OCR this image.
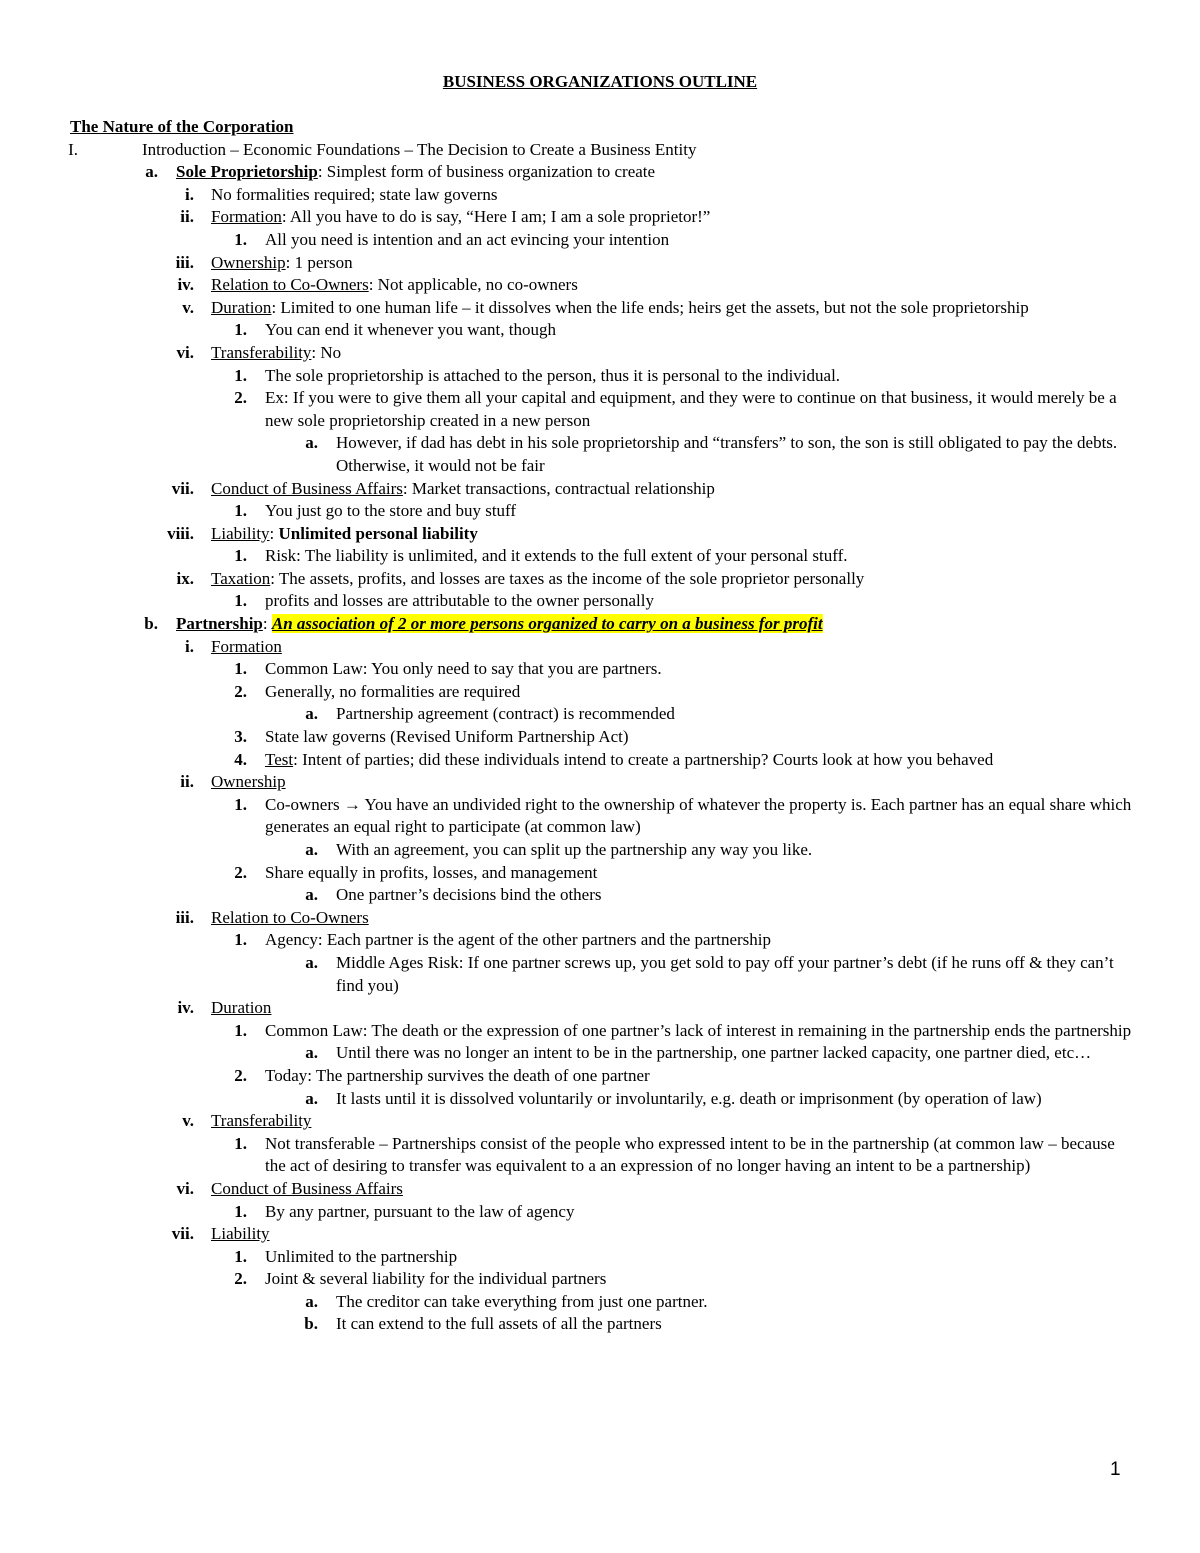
BUSINESS ORGANIZATIONS OUTLINE
The Nature of the Corporation
I.	Introduction – Economic Foundations – The Decision to Create a Business Entity
a. Sole Proprietorship: Simplest form of business organization to create
i. No formalities required; state law governs
ii. Formation: All you have to do is say, “Here I am; I am a sole proprietor!”
1. All you need is intention and an act evincing your intention
iii. Ownership: 1 person
iv. Relation to Co-Owners: Not applicable, no co-owners
v. Duration: Limited to one human life – it dissolves when the life ends; heirs get the assets, but not the sole proprietorship
1. You can end it whenever you want, though
vi. Transferability: No
1. The sole proprietorship is attached to the person, thus it is personal to the individual.
2. Ex: If you were to give them all your capital and equipment, and they were to continue on that business, it would merely be a new sole proprietorship created in a new person
a. However, if dad has debt in his sole proprietorship and “transfers” to son, the son is still obligated to pay the debts. Otherwise, it would not be fair
vii. Conduct of Business Affairs: Market transactions, contractual relationship
1. You just go to the store and buy stuff
viii. Liability: Unlimited personal liability
1. Risk: The liability is unlimited, and it extends to the full extent of your personal stuff.
ix. Taxation: The assets, profits, and losses are taxes as the income of the sole proprietor personally
1. profits and losses are attributable to the owner personally
b. Partnership: An association of 2 or more persons organized to carry on a business for profit
i. Formation
1. Common Law: You only need to say that you are partners.
2. Generally, no formalities are required
a. Partnership agreement (contract) is recommended
3. State law governs (Revised Uniform Partnership Act)
4. Test: Intent of parties; did these individuals intend to create a partnership? Courts look at how you behaved
ii. Ownership
1. Co-owners → You have an undivided right to the ownership of whatever the property is. Each partner has an equal share which generates an equal right to participate (at common law)
a. With an agreement, you can split up the partnership any way you like.
2. Share equally in profits, losses, and management
a. One partner’s decisions bind the others
iii. Relation to Co-Owners
1. Agency: Each partner is the agent of the other partners and the partnership
a. Middle Ages Risk: If one partner screws up, you get sold to pay off your partner’s debt (if he runs off & they can’t find you)
iv. Duration
1. Common Law: The death or the expression of one partner’s lack of interest in remaining in the partnership ends the partnership
a. Until there was no longer an intent to be in the partnership, one partner lacked capacity, one partner died, etc…
2. Today: The partnership survives the death of one partner
a. It lasts until it is dissolved voluntarily or involuntarily, e.g. death or imprisonment (by operation of law)
v. Transferability
1. Not transferable – Partnerships consist of the people who expressed intent to be in the partnership (at common law – because the act of desiring to transfer was equivalent to a an expression of no longer having an intent to be a partnership)
vi. Conduct of Business Affairs
1. By any partner, pursuant to the law of agency
vii. Liability
1. Unlimited to the partnership
2. Joint & several liability for the individual partners
a. The creditor can take everything from just one partner.
b. It can extend to the full assets of all the partners
1
